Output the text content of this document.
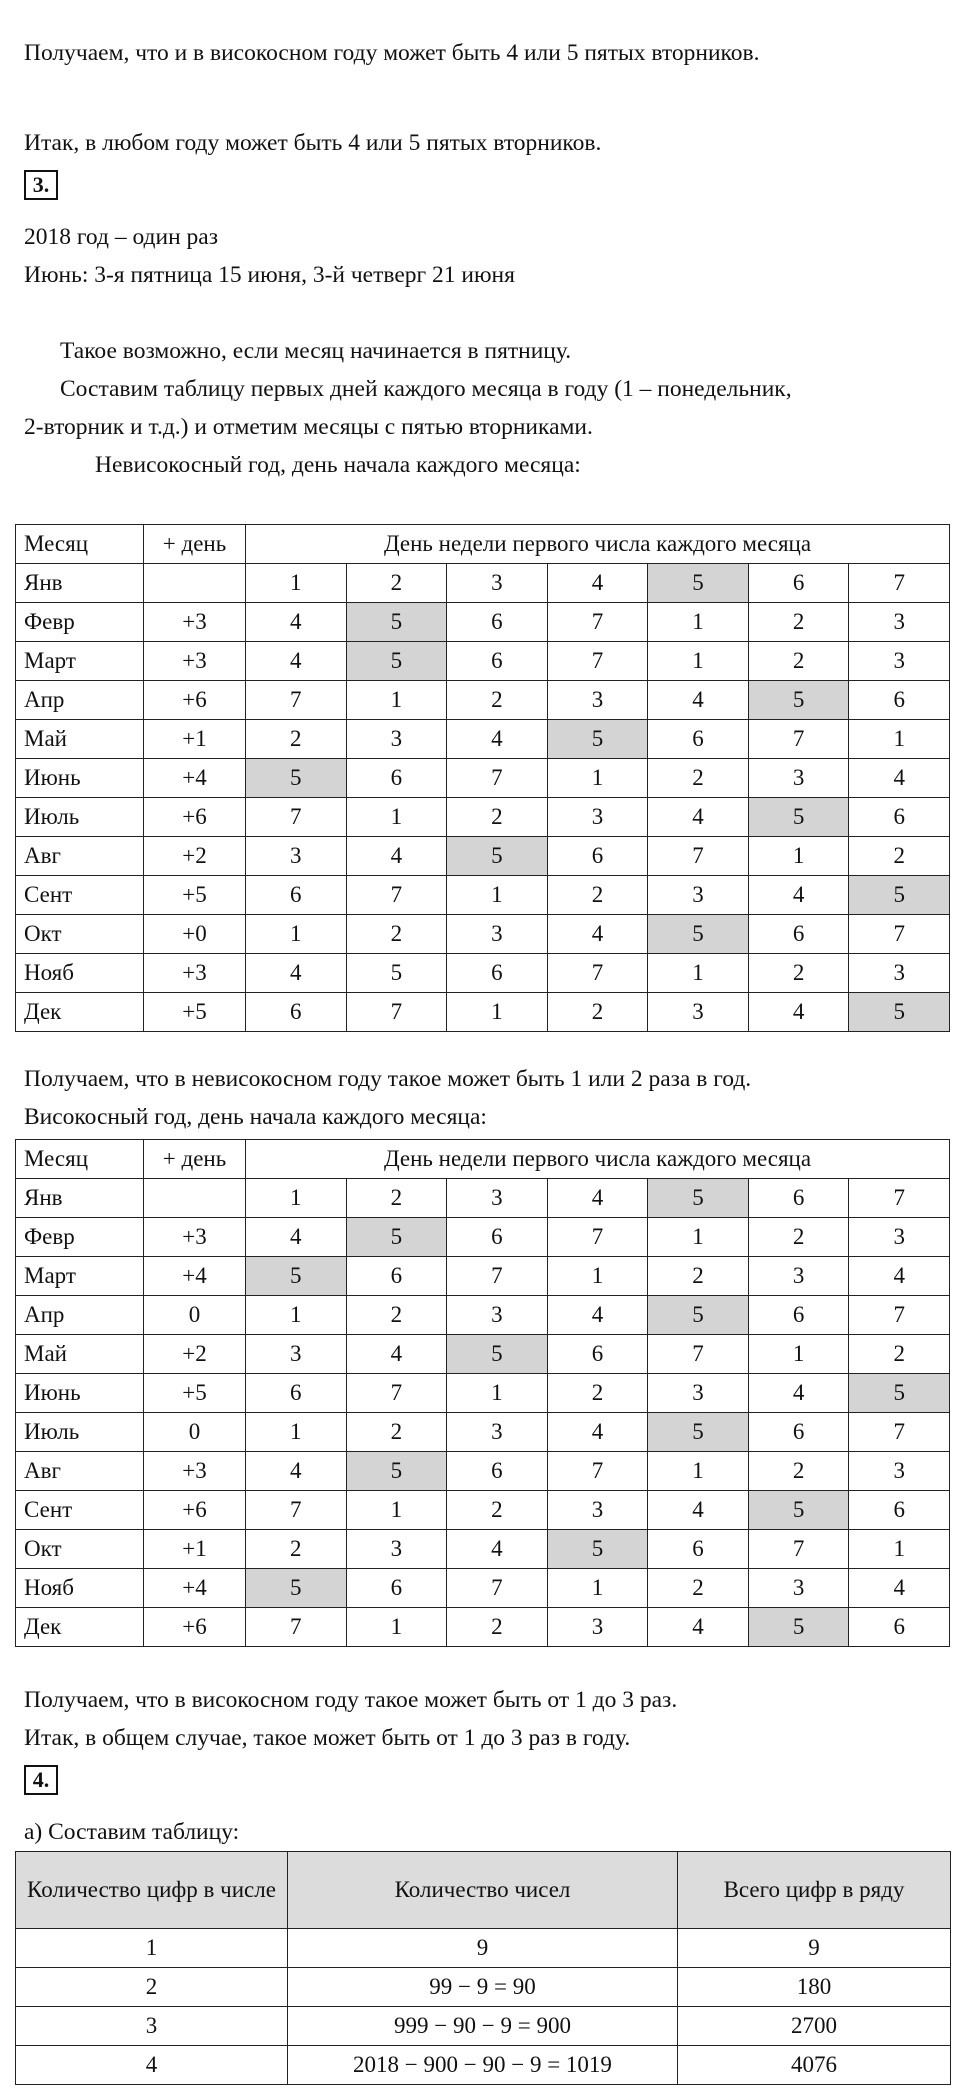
Получаем, что и в високосном году может быть 4 или 5 пятых вторников.
Итак, в любом году может быть 4 или 5 пятых вторников.
3.
2018 год – один раз
Июнь: 3-я пятница 15 июня, 3-й четверг 21 июня
Такое возможно, если месяц начинается в пятницу.
Составим таблицу первых дней каждого месяца в году (1 – понедельник,
2-вторник и т.д.) и отметим месяцы с пятью вторниками.
Невисокосный год, день начала каждого месяца:
Месяц	+ день	День недели первого числа каждого месяца						
Янв		1	2	3	4	5	6	7
Февр	+3	4	5	6	7	1	2	3
Март	+3	4	5	6	7	1	2	3
Апр	+6	7	1	2	3	4	5	6
Май	+1	2	3	4	5	6	7	1
Июнь	+4	5	6	7	1	2	3	4
Июль	+6	7	1	2	3	4	5	6
Авг	+2	3	4	5	6	7	1	2
Сент	+5	6	7	1	2	3	4	5
Окт	+0	1	2	3	4	5	6	7
Нояб	+3	4	5	6	7	1	2	3
Дек	+5	6	7	1	2	3	4	5
Получаем, что в невисокосном году такое может быть 1 или 2 раза в год.
Високосный год, день начала каждого месяца:
Месяц	+ день	День недели первого числа каждого месяца						
Янв		1	2	3	4	5	6	7
Февр	+3	4	5	6	7	1	2	3
Март	+4	5	6	7	1	2	3	4
Апр	0	1	2	3	4	5	6	7
Май	+2	3	4	5	6	7	1	2
Июнь	+5	6	7	1	2	3	4	5
Июль	0	1	2	3	4	5	6	7
Авг	+3	4	5	6	7	1	2	3
Сент	+6	7	1	2	3	4	5	6
Окт	+1	2	3	4	5	6	7	1
Нояб	+4	5	6	7	1	2	3	4
Дек	+6	7	1	2	3	4	5	6
Получаем, что в високосном году такое может быть от 1 до 3 раз.
Итак, в общем случае, такое может быть от 1 до 3 раз в году.
4.
а) Составим таблицу:
Количество цифр в числе	Количество чисел	Всего цифр в ряду
1	9	9
2	99 − 9 = 90	180
3	999 − 90 − 9 = 900	2700
4	2018 − 900 − 90 − 9 = 1019	4076
